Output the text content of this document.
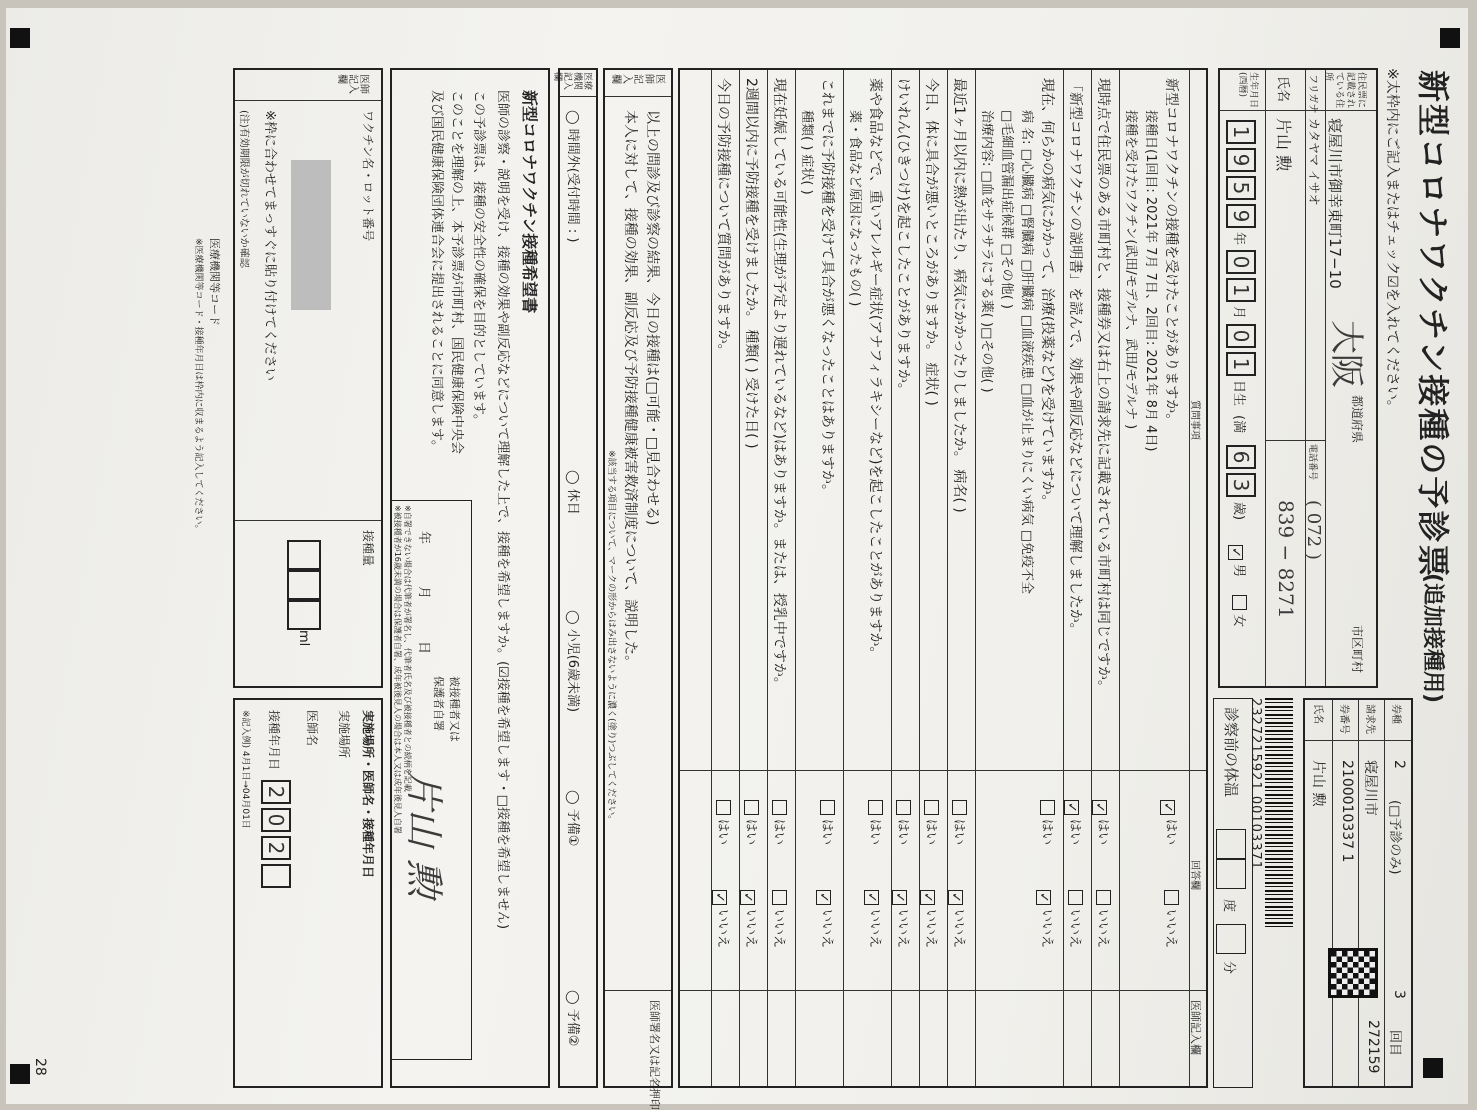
新型コロナワクチン接種の予診票
(追加接種用)
※太枠内にご記入またはチェック☑を入れてください。
券種
2
(□予診のみ)
3
回目
請求先
寝屋川市
272159
券番号
2100010337 1
氏名
片山 勲
2327215921 00103371
住民票に記載されている住所
大阪
都道府県
市区町村
寝屋川市御幸東町17−10
フリガナ
カタヤマ イサオ
氏名
片山 勲
電話番号
( 072 )
839 − 8271
生年月日(西暦)
1
9
5
9
年
0
1
月
0
1
日生
(満
6
3
歳)
✓男
女
診察前の体温
度
分
質問事項
回答欄
医師記入欄
新型コロナワクチンの接種を受けたことがありますか。
接種日(1回目: 2021年 7月 7日、2回目: 2021年 8月 4日)
接種を受けたワクチン(武田/モデルナ、武田/モデルナ )
✓はい
いいえ
現時点で住民票のある市町村と、接種券又は右上の請求先に記載されている市町村は同じですか。
✓はい
いいえ
「新型コロナワクチンの説明書」を読んで、効果や副反応などについて理解しましたか。
✓はい
いいえ
現在、何らかの病気にかかって、治療(投薬など)を受けていますか。
病 名: □心臓病 □腎臓病 □肝臓病 □血液疾患 □血が止まりにくい病気 □免疫不全
□毛細血管漏出症候群 □その他( )
治療内容: □血をサラサラにする薬( )□その他( )
はい
✓いいえ
最近1ヶ月以内に熱が出たり、病気にかかったりしましたか。 病名( )
はい
✓いいえ
今日、体に具合が悪いところがありますか。 症状( )
はい
✓いいえ
けいれん(ひきつけ)を起こしたことがありますか。
はい
✓いいえ
薬や食品などで、重いアレルギー症状(アナフィラキシーなど)を起こしたことがありますか。
薬・食品など原因になったもの( )
はい
✓いいえ
これまでに予防接種を受けて具合が悪くなったことはありますか。
種類( ) 症状( )
はい
✓いいえ
現在妊娠している可能性(生理が予定より遅れているなど)はありますか。または、授乳中ですか。
はい
いいえ
2週間以内に予防接種を受けましたか。 種類( ) 受けた日( )
はい
✓いいえ
今日の予防接種について質問がありますか。
はい
✓いいえ
医師記入欄
以上の問診及び診察の結果、今日の接種は(□可能・□見合わせる)
本人に対して、接種の効果、副反応及び予防接種健康被害救済制度について、説明した。
※該当する項目について、マークの形からはみ出さないように濃く(塗り)つぶしてください。
医師署名又は記名押印
医療機関記入欄
◯ 時間外(受付時間 : )
◯ 休日
◯ 小児(6歳未満)
◯ 予備①
◯ 予備②
新型コロナワクチン接種希望書
医師の診察・説明を受け、接種の効果や副反応などについて理解した上で、接種を希望しますか。(☑接種を希望します・□接種を希望しません)
この予診票は、接種の安全性の確保を目的としています。
このことを理解の上、本予診票が市町村、国民健康保険中央会
及び国民健康保険団体連合会に提出されることに同意します。
年
月
日
被接種者又は保護者自署
片山 勲
※自署できない場合は代筆者が署名し、代筆者氏名及び被接種者との続柄を記載
※被接種者が16歳未満の場合は保護者自署、成年被後見人の場合は本人又は成年後見人自署
医師記入欄
ワクチン名・ロット番号
※枠に合わせてまっすぐに貼り付けてください
(注)有効期限が切れていないか確認
接種量
ml
実施場所・医師名・接種年月日
実施場所
医師名
接種年月日
2
0
2
※記入例) 4月1日→04月01日
医療機関等コード
※医療機関等コード・接種年月日は枠内に収まるよう記入してください。
28
